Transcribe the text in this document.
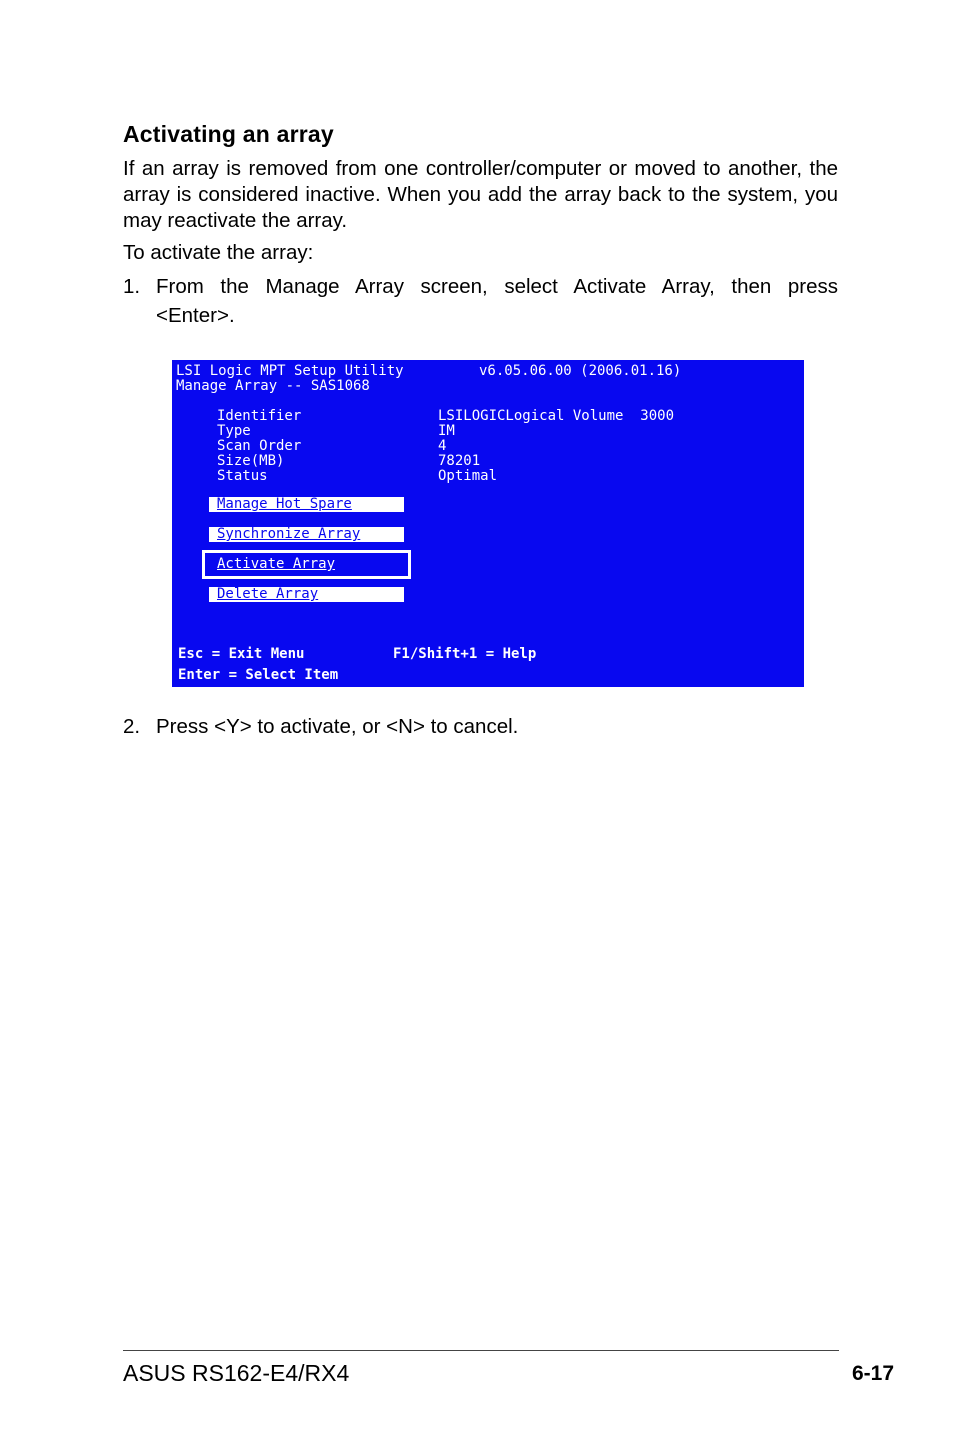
Activating an array
If an array is removed from one controller/computer or moved to another, the array is considered inactive. When you add the array back to the system, you may reactivate the array.
To activate the array:
1. From the Manage Array screen, select Activate Array, then press
<Enter>.
LSI Logic MPT Setup Utility	v6.05.06.00 (2006.01.16)
Manage Array -- SAS1068
Identifier	LSILOGICLogical Volume  3000
Type	IM
Scan Order	4
Size(MB)	78201
Status	Optimal
Manage Hot Spare
Synchronize Array
Activate Array
Delete Array
Esc = Exit Menu	F1/Shift+1 = Help
Enter = Select Item
2. Press <Y> to activate, or <N> to cancel.
ASUS RS162-E4/RX4	6-17
